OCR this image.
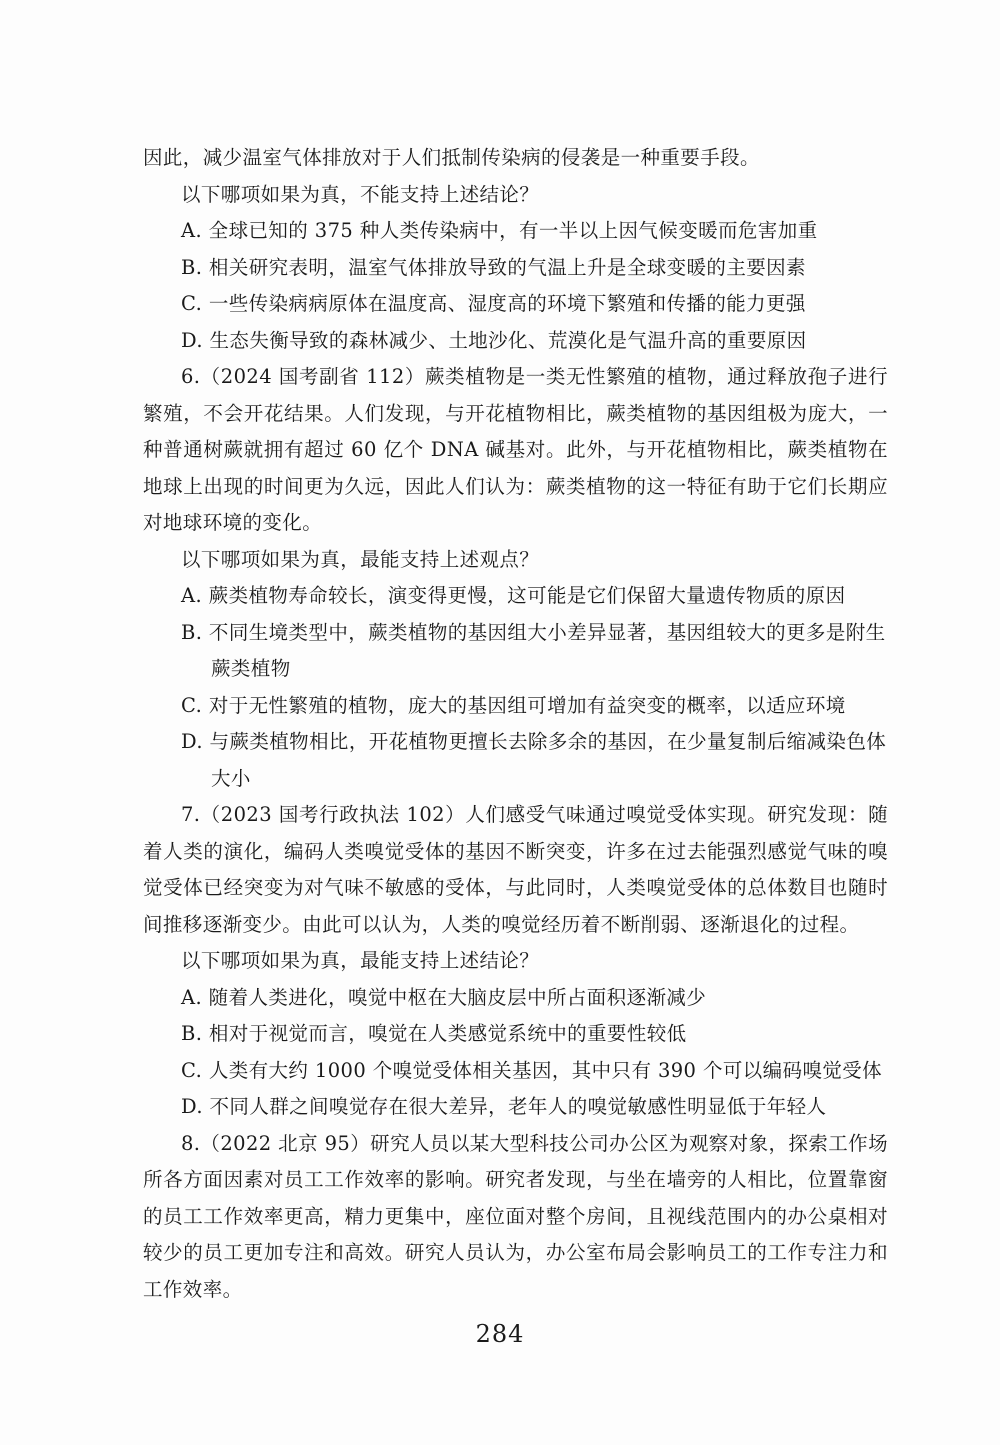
因此，减少温室气体排放对于人们抵制传染病的侵袭是一种重要手段。

以下哪项如果为真，不能支持上述结论？

A. 全球已知的 375 种人类传染病中，有一半以上因气候变暖而危害加重

B. 相关研究表明，温室气体排放导致的气温上升是全球变暖的主要因素

C. 一些传染病病原体在温度高、湿度高的环境下繁殖和传播的能力更强

D. 生态失衡导致的森林减少、土地沙化、荒漠化是气温升高的重要原因

6.（2024 国考副省 112）蕨类植物是一类无性繁殖的植物，通过释放孢子进行繁殖，不会开花结果。人们发现，与开花植物相比，蕨类植物的基因组极为庞大，一种普通树蕨就拥有超过 60 亿个 DNA 碱基对。此外，与开花植物相比，蕨类植物在地球上出现的时间更为久远，因此人们认为：蕨类植物的这一特征有助于它们长期应对地球环境的变化。

以下哪项如果为真，最能支持上述观点？

A. 蕨类植物寿命较长，演变得更慢，这可能是它们保留大量遗传物质的原因

B. 不同生境类型中，蕨类植物的基因组大小差异显著，基因组较大的更多是附生蕨类植物

C. 对于无性繁殖的植物，庞大的基因组可增加有益突变的概率，以适应环境

D. 与蕨类植物相比，开花植物更擅长去除多余的基因，在少量复制后缩减染色体大小

7.（2023 国考行政执法 102）人们感受气味通过嗅觉受体实现。研究发现：随着人类的演化，编码人类嗅觉受体的基因不断突变，许多在过去能强烈感觉气味的嗅觉受体已经突变为对气味不敏感的受体，与此同时，人类嗅觉受体的总体数目也随时间推移逐渐变少。由此可以认为，人类的嗅觉经历着不断削弱、逐渐退化的过程。

以下哪项如果为真，最能支持上述结论？

A. 随着人类进化，嗅觉中枢在大脑皮层中所占面积逐渐减少

B. 相对于视觉而言，嗅觉在人类感觉系统中的重要性较低

C. 人类有大约 1000 个嗅觉受体相关基因，其中只有 390 个可以编码嗅觉受体

D. 不同人群之间嗅觉存在很大差异，老年人的嗅觉敏感性明显低于年轻人

8.（2022 北京 95）研究人员以某大型科技公司办公区为观察对象，探索工作场所各方面因素对员工工作效率的影响。研究者发现，与坐在墙旁的人相比，位置靠窗的员工工作效率更高，精力更集中，座位面对整个房间，且视线范围内的办公桌相对较少的员工更加专注和高效。研究人员认为，办公室布局会影响员工的工作专注力和工作效率。

284
